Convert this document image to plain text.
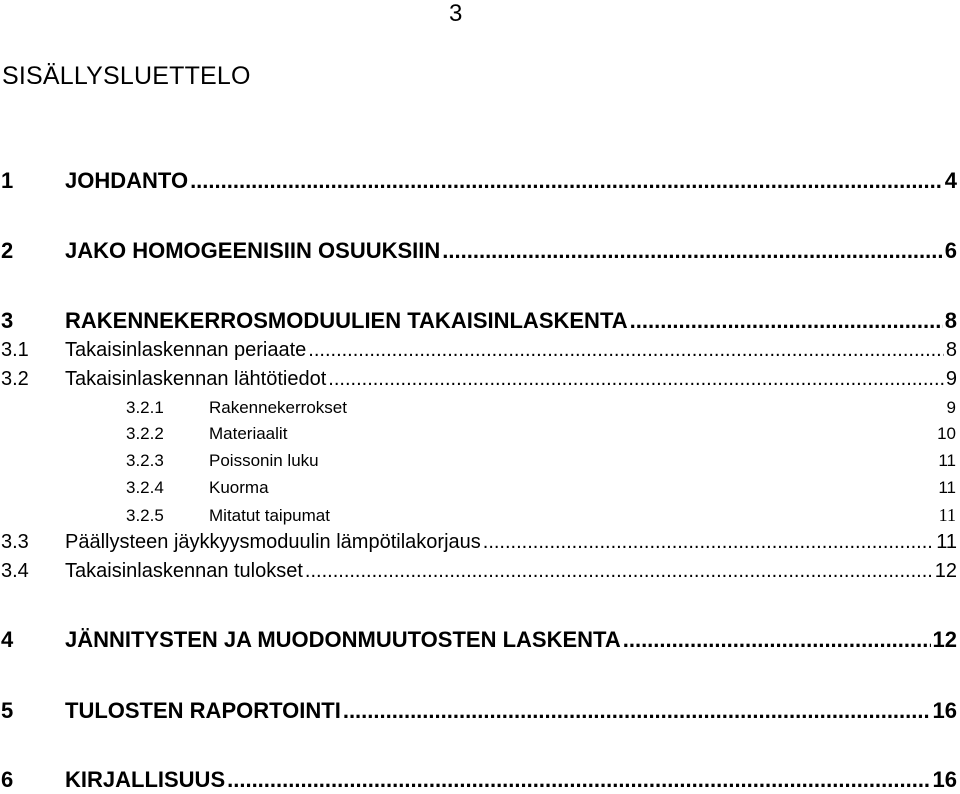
3
SISÄLLYSLUETTELO
1	JOHDANTO .....	4
2	JAKO HOMOGEENISIIN OSUUKSIIN .....	6
3	RAKENNEKERROSMODUULIEN TAKAISINLASKENTA .....	8
3.1	Takaisinlaskennan periaate .....	8
3.2	Takaisinlaskennan lähtötiedot .....	9
3.2.1	Rakennekerrokset	9
3.2.2	Materiaalit	10
3.2.3	Poissonin luku	11
3.2.4	Kuorma	11
3.2.5	Mitatut taipumat	11
3.3	Päällysteen jäykkyysmoduulin lämpötilakorjaus .....	11
3.4	Takaisinlaskennan tulokset .....	12
4	JÄNNITYSTEN JA MUODONMUUTOSTEN LASKENTA .....	12
5	TULOSTEN RAPORTOINTI .....	16
6	KIRJALLISUUS .....	16
